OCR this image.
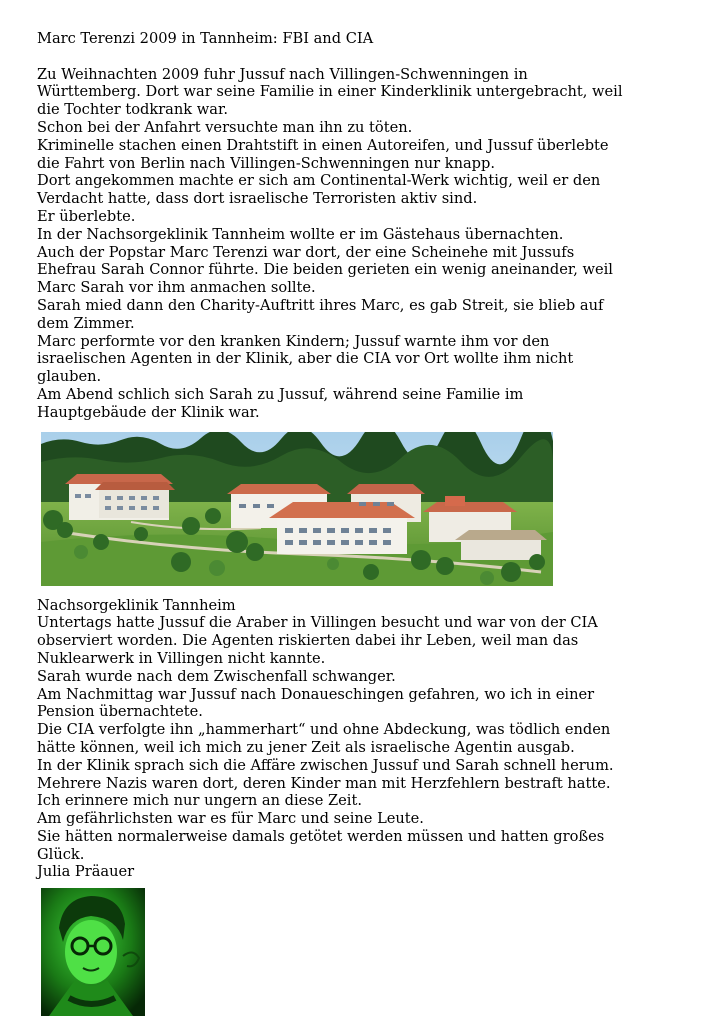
Marc Terenzi 2009 in Tannheim: FBI and CIA
Zu Weihnachten 2009 fuhr Jussuf nach Villingen-Schwenningen in
Württemberg. Dort war seine Familie in einer Kinderklinik untergebracht, weil
die Tochter todkrank war.
Schon bei der Anfahrt versuchte man ihn zu töten.
Kriminelle stachen einen Drahtstift in einen Autoreifen, und Jussuf überlebte
die Fahrt von Berlin nach Villingen-Schwenningen nur knapp.
Dort angekommen machte er sich am Continental-Werk wichtig, weil er den
Verdacht hatte, dass dort israelische Terroristen aktiv sind.
Er überlebte.
In der Nachsorgeklinik Tannheim wollte er im Gästehaus übernachten.
Auch der Popstar Marc Terenzi war dort, der eine Scheinehe mit Jussufs
Ehefrau Sarah Connor führte. Die beiden gerieten ein wenig aneinander, weil
Marc Sarah vor ihm anmachen sollte.
Sarah mied dann den Charity-Auftritt ihres Marc, es gab Streit, sie blieb auf
dem Zimmer.
Marc performte vor den kranken Kindern; Jussuf warnte ihm vor den
israelischen Agenten in der Klinik, aber die CIA vor Ort wollte ihm nicht
glauben.
Am Abend schlich sich Sarah zu Jussuf, während seine Familie im
Hauptgebäude der Klinik war.
Nachsorgeklinik Tannheim
Untertags hatte Jussuf die Araber in Villingen besucht und war von der CIA
observiert worden. Die Agenten riskierten dabei ihr Leben, weil man das
Nuklearwerk in Villingen nicht kannte.
Sarah wurde nach dem Zwischenfall schwanger.
Am Nachmittag war Jussuf nach Donaueschingen gefahren, wo ich in einer
Pension übernachtete.
Die CIA verfolgte ihn „hammerhart“ und ohne Abdeckung, was tödlich enden
hätte können, weil ich mich zu jener Zeit als israelische Agentin ausgab.
In der Klinik sprach sich die Affäre zwischen Jussuf und Sarah schnell herum.
Mehrere Nazis waren dort, deren Kinder man mit Herzfehlern bestraft hatte.
Ich erinnere mich nur ungern an diese Zeit.
Am gefährlichsten war es für Marc und seine Leute.
Sie hätten normalerweise damals getötet werden müssen und hatten großes
Glück.
Julia Präauer
